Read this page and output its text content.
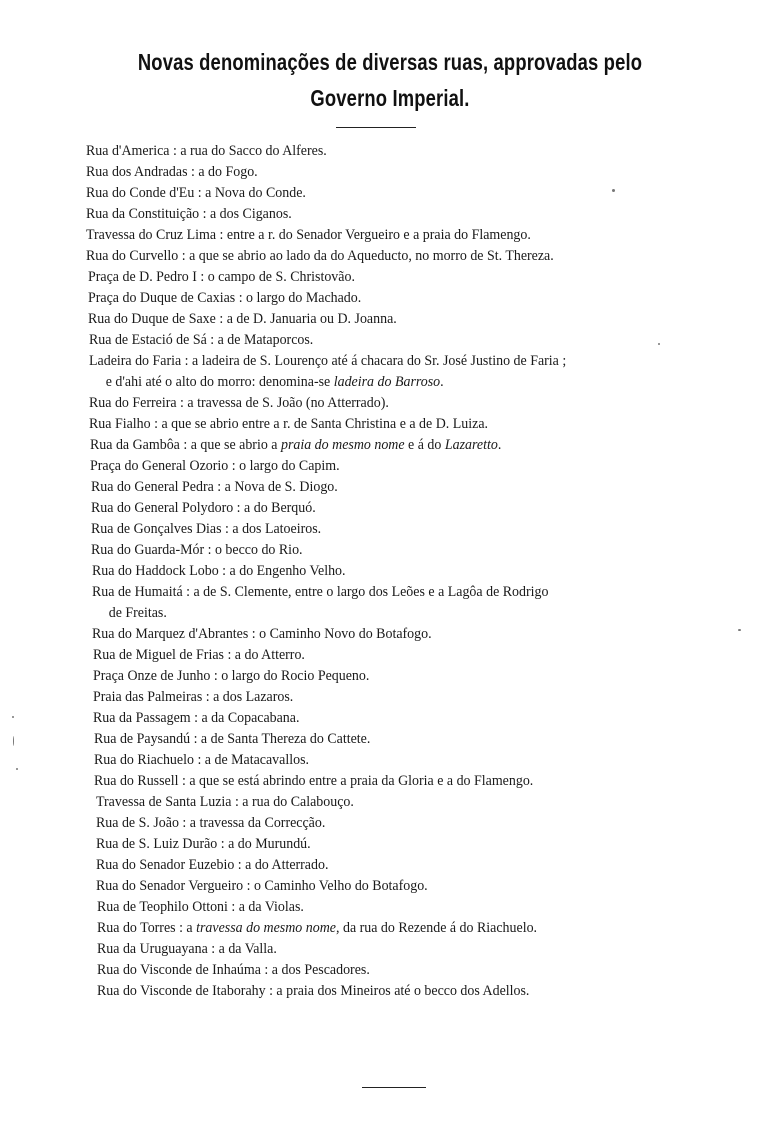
Novas denominações de diversas ruas, approvadas pelo
Governo Imperial.
Rua d'America : a rua do Sacco do Alferes.
Rua dos Andradas : a do Fogo.
Rua do Conde d'Eu : a Nova do Conde.
Rua da Constituição : a dos Ciganos.
Travessa do Cruz Lima : entre a r. do Senador Vergueiro e a praia do Flamengo.
Rua do Curvello : a que se abrio ao lado da do Aqueducto, no morro de St. Thereza.
Praça de D. Pedro I : o campo de S. Christovão.
Praça do Duque de Caxias : o largo do Machado.
Rua do Duque de Saxe : a de D. Januaria ou D. Joanna.
Rua de Estació de Sá : a de Mataporcos.
Ladeira do Faria : a ladeira de S. Lourenço até á chacara do Sr. José Justino de Faria ;
e d'ahi até o alto do morro: denomina-se ladeira do Barroso.
Rua do Ferreira : a travessa de S. João (no Atterrado).
Rua Fialho : a que se abrio entre a r. de Santa Christina e a de D. Luiza.
Rua da Gambôa : a que se abrio a praia do mesmo nome e á do Lazaretto.
Praça do General Ozorio : o largo do Capim.
Rua do General Pedra : a Nova de S. Diogo.
Rua do General Polydoro : a do Berquó.
Rua de Gonçalves Dias : a dos Latoeiros.
Rua do Guarda-Mór : o becco do Rio.
Rua do Haddock Lobo : a do Engenho Velho.
Rua de Humaitá : a de S. Clemente, entre o largo dos Leões e a Lagôa de Rodrigo
de Freitas.
Rua do Marquez d'Abrantes : o Caminho Novo do Botafogo.
Rua de Miguel de Frias : a do Atterro.
Praça Onze de Junho : o largo do Rocio Pequeno.
Praia das Palmeiras : a dos Lazaros.
Rua da Passagem : a da Copacabana.
Rua de Paysandú : a de Santa Thereza do Cattete.
Rua do Riachuelo : a de Matacavallos.
Rua do Russell : a que se está abrindo entre a praia da Gloria e a do Flamengo.
Travessa de Santa Luzia : a rua do Calabouço.
Rua de S. João : a travessa da Correcção.
Rua de S. Luiz Durão : a do Murundú.
Rua do Senador Euzebio : a do Atterrado.
Rua do Senador Vergueiro : o Caminho Velho do Botafogo.
Rua de Teophilo Ottoni : a da Violas.
Rua do Torres : a travessa do mesmo nome, da rua do Rezende á do Riachuelo.
Rua da Uruguayana : a da Valla.
Rua do Visconde de Inhaúma : a dos Pescadores.
Rua do Visconde de Itaborahy : a praia dos Mineiros até o becco dos Adellos.
